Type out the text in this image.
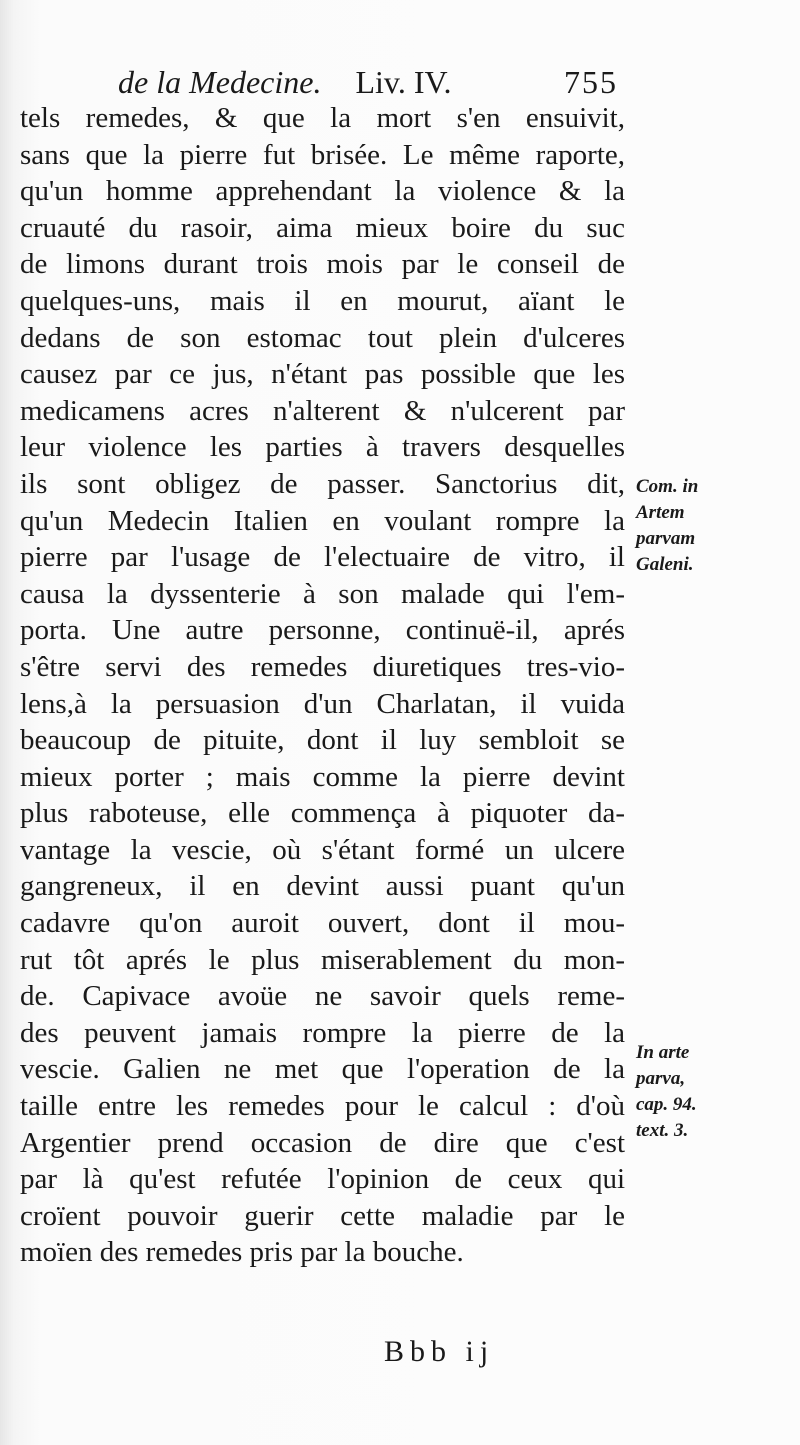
de la Medecine. Liv. IV.	755
tels remedes, & que la mort s'en ensuivit,
sans que la pierre fut brisée. Le même raporte,
qu'un homme apprehendant la violence & la
cruauté du rasoir, aima mieux boire du suc
de limons durant trois mois par le conseil de
quelques-uns, mais il en mourut, aïant le
dedans de son estomac tout plein d'ulceres
causez par ce jus, n'étant pas possible que les
medicamens acres n'alterent & n'ulcerent par
leur violence les parties à travers desquelles
ils sont obligez de passer. Sanctorius dit,
qu'un Medecin Italien en voulant rompre la
pierre par l'usage de l'electuaire de vitro, il
causa la dyssenterie à son malade qui l'em-
porta. Une autre personne, continuë-il, aprés
s'être servi des remedes diuretiques tres-vio-
lens,à la persuasion d'un Charlatan, il vuida
beaucoup de pituite, dont il luy sembloit se
mieux porter ; mais comme la pierre devint
plus raboteuse, elle commença à piquoter da-
vantage la vescie, où s'étant formé un ulcere
gangreneux, il en devint aussi puant qu'un
cadavre qu'on auroit ouvert, dont il mou-
rut tôt aprés le plus miserablement du mon-
de. Capivace avoüe ne savoir quels reme-
des peuvent jamais rompre la pierre de la
vescie. Galien ne met que l'operation de la
taille entre les remedes pour le calcul : d'où
Argentier prend occasion de dire que c'est
par là qu'est refutée l'opinion de ceux qui
croïent pouvoir guerir cette maladie par le
moïen des remedes pris par la bouche.
Com. in
Artem
parvam
Galeni.
In arte
parva,
cap. 94.
text. 3.
Bbb ij
